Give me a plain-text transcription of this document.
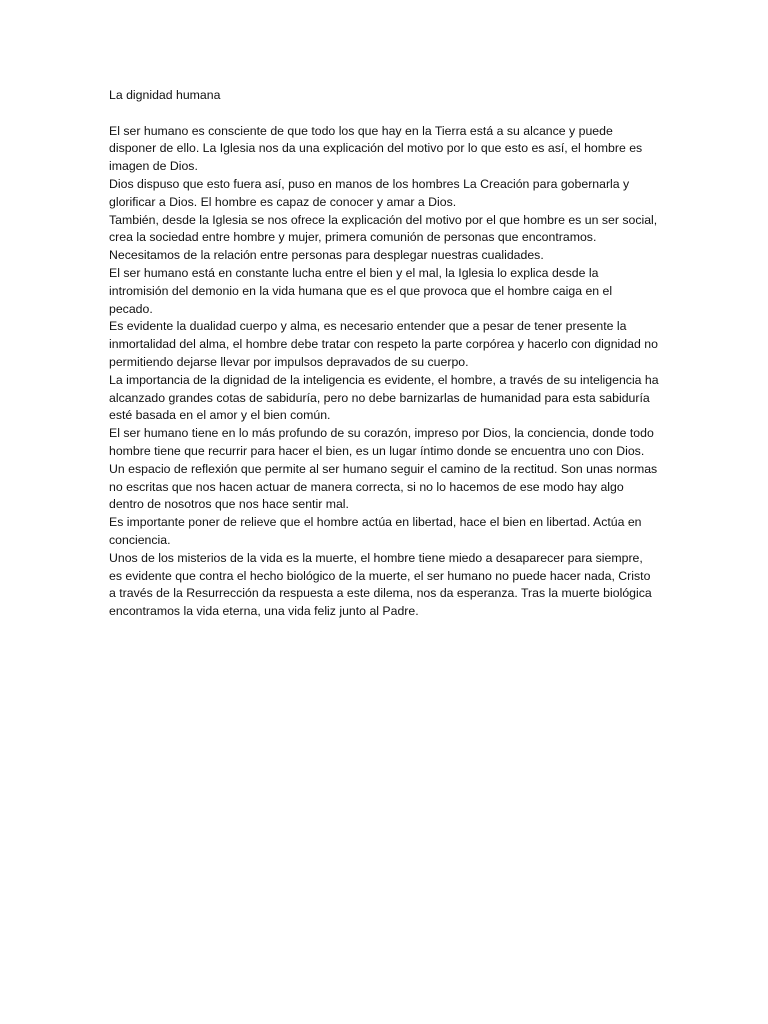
La dignidad humana

El ser humano es consciente de que todo los que hay en la Tierra está a su alcance y puede disponer de ello. La Iglesia nos da una explicación del motivo por lo que esto es así, el hombre es imagen de Dios.

Dios dispuso que esto fuera así, puso en manos de los hombres La Creación para gobernarla y glorificar a Dios. El hombre es capaz de conocer y amar a Dios.

También, desde la Iglesia se nos ofrece la explicación del motivo por el que hombre es un ser social, crea la sociedad entre hombre y mujer, primera comunión de personas que encontramos. Necesitamos de la relación entre personas para desplegar nuestras cualidades.

El ser humano está en constante lucha entre el bien y el mal, la Iglesia lo explica desde la intromisión del demonio en la vida humana que es el que provoca que el hombre caiga en el pecado.

Es evidente la dualidad cuerpo y alma, es necesario entender que a pesar de tener presente la inmortalidad del alma, el hombre debe tratar con respeto la parte corpórea y hacerlo con dignidad no permitiendo dejarse llevar por impulsos depravados de su cuerpo.

La importancia de la dignidad de la inteligencia es evidente, el hombre, a través de su inteligencia ha alcanzado grandes cotas de sabiduría, pero no debe barnizarlas de humanidad para esta sabiduría esté basada en el amor y el bien común.

El ser humano tiene en lo más profundo de su corazón, impreso por Dios, la conciencia, donde todo hombre tiene que recurrir para hacer el bien, es un lugar íntimo donde se encuentra uno con Dios. Un espacio de reflexión que permite al ser humano seguir el camino de la rectitud. Son unas normas no escritas que nos hacen actuar de manera correcta, si no lo hacemos de ese modo hay algo dentro de nosotros que nos hace sentir mal.

Es importante poner de relieve que el hombre actúa en libertad, hace el bien en libertad. Actúa en conciencia.

Unos de los misterios de la vida es la muerte, el hombre tiene miedo a desaparecer para siempre, es evidente que contra el hecho biológico de la muerte, el ser humano no puede hacer nada, Cristo a través de la Resurrección da respuesta a este dilema, nos da esperanza. Tras la muerte biológica encontramos la vida eterna, una vida feliz junto al Padre.
